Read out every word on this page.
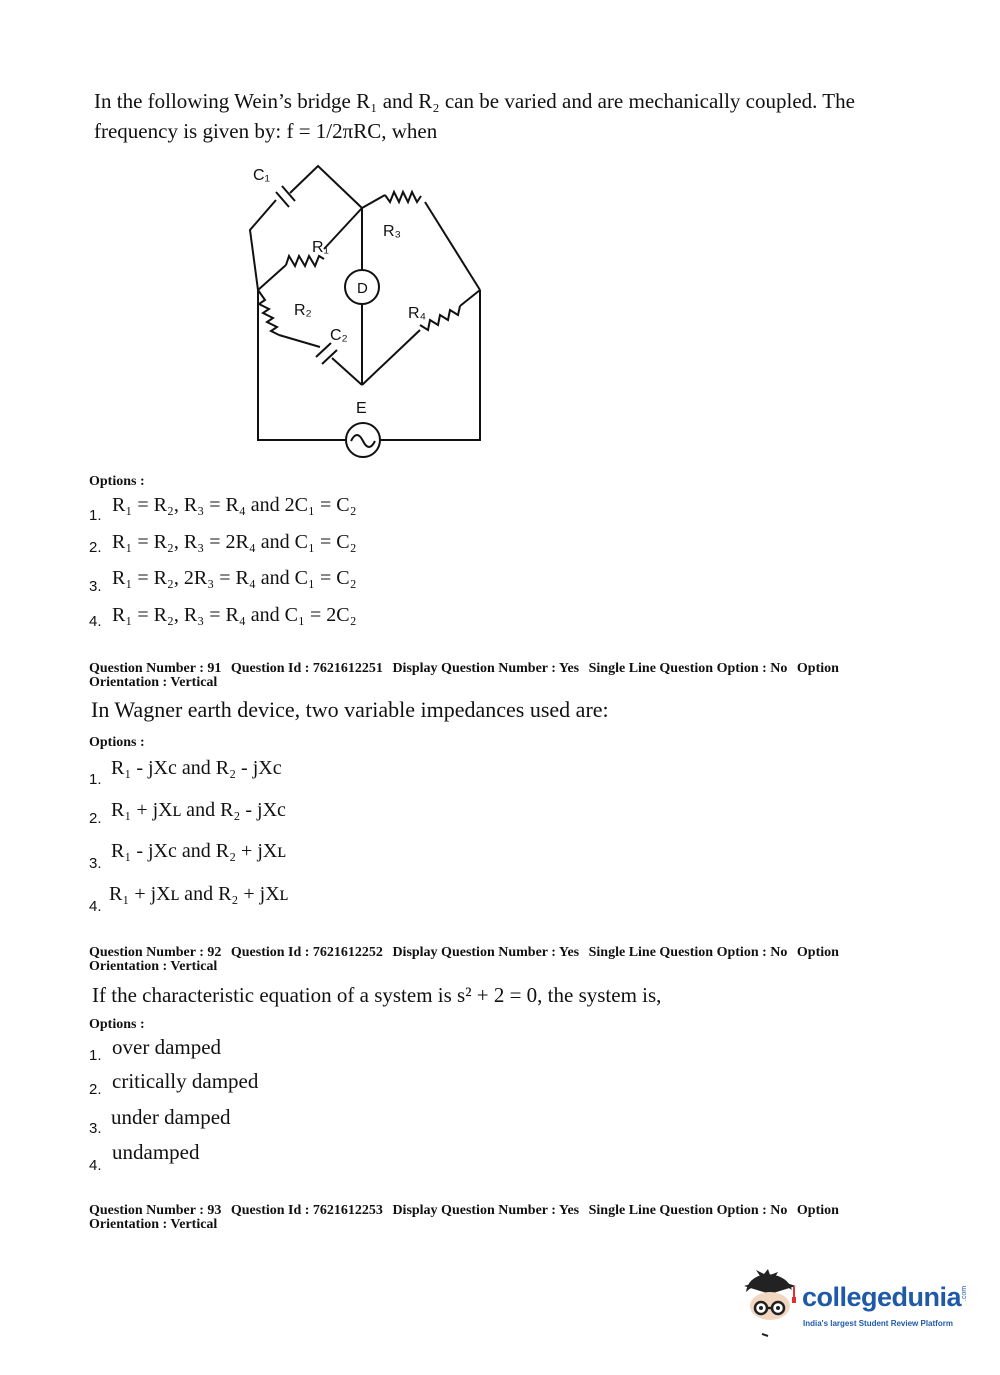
In the following Wein’s bridge R₁ and R₂ can be varied and are mechanically coupled. The
frequency is given by: f = 1/2πRC, when
C₁
R₁
R₃
D
R₂
C₂
R₄
E
Options :
1. R₁ = R₂, R₃ = R₄ and 2C₁ = C₂
2. R₁ = R₂, R₃ = 2R₄ and C₁ = C₂
3. R₁ = R₂, 2R₃ = R₄ and C₁ = C₂
4. R₁ = R₂, R₃ = R₄ and C₁ = 2C₂
Question Number : 91 Question Id : 7621612251 Display Question Number : Yes Single Line Question Option : No Option
Orientation : Vertical
In Wagner earth device, two variable impedances used are:
Options :
1.
R₁ - jXc and R₂ - jXc
2. R₁ + jXʟ and R₂ - jXc
3.
R₁ - jXc and R₂ + jXʟ
4.
R₁ + jXʟ and R₂ + jXʟ
Question Number : 92 Question Id : 7621612252 Display Question Number : Yes Single Line Question Option : No Option
Orientation : Vertical
If the characteristic equation of a system is s² + 2 = 0, the system is,
Options :
1. over damped
2. critically damped
3. under damped
4.
undamped
Question Number : 93 Question Id : 7621612253 Display Question Number : Yes Single Line Question Option : No Option
Orientation : Vertical
collegedunia .com
India's largest Student Review Platform
